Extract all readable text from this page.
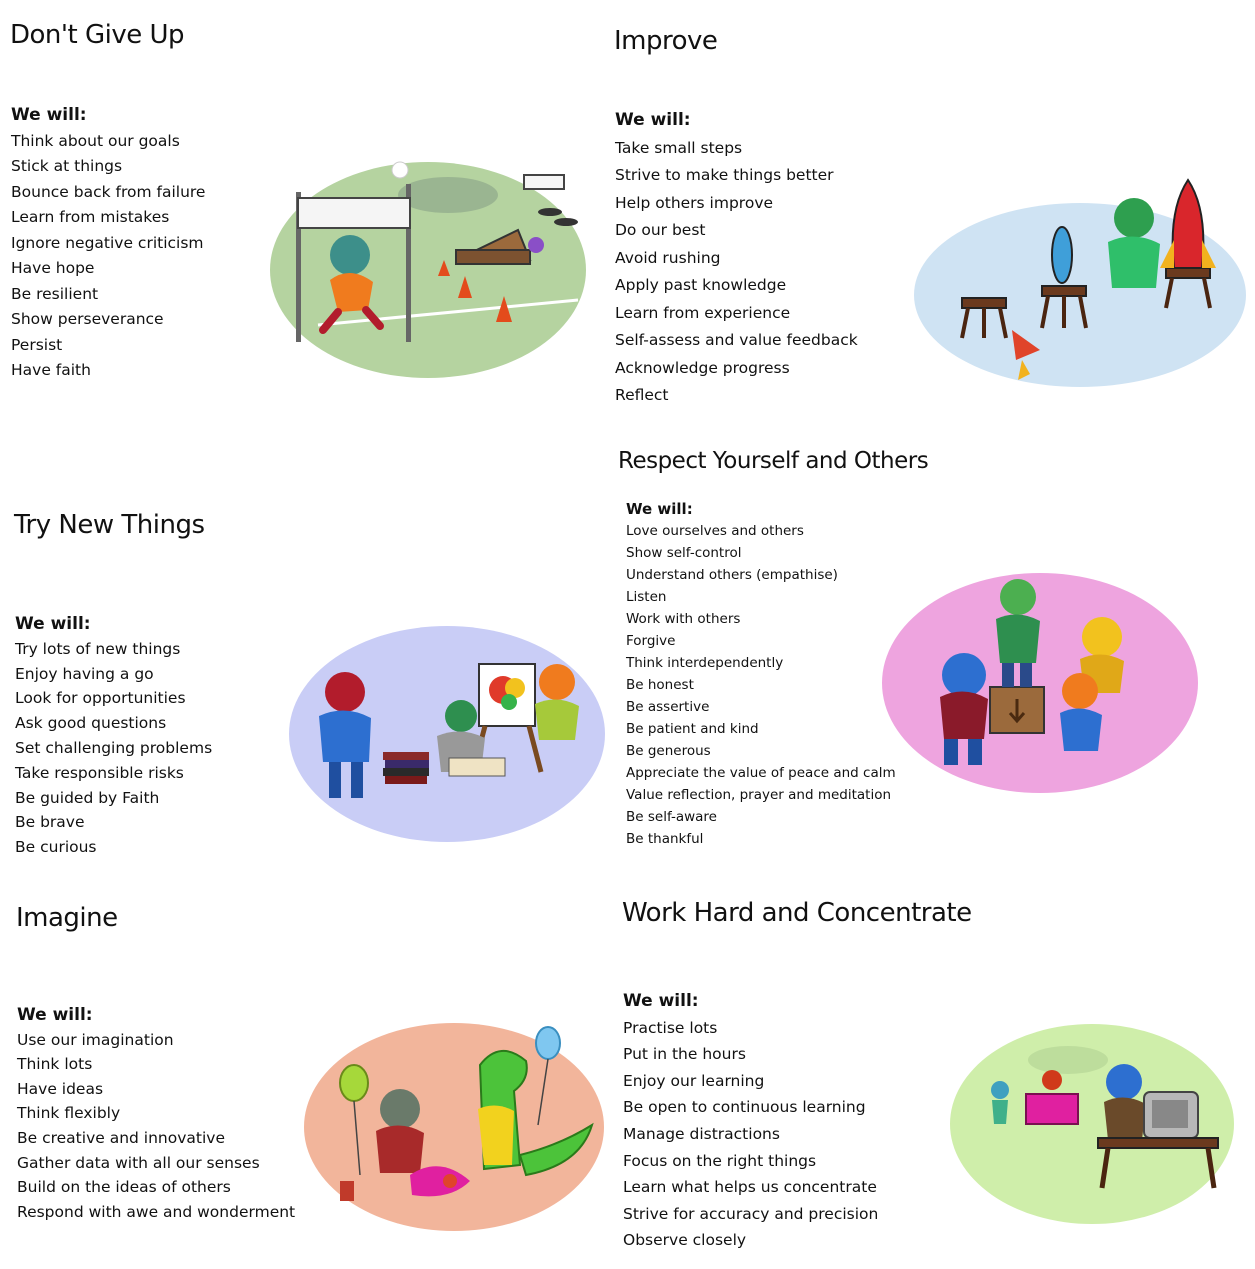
Don't Give Up
We will:
Think about our goals
Stick at things
Bounce back from failure
Learn from mistakes
Ignore negative criticism
Have hope
Be resilient
Show perseverance
Persist
Have faith
Improve
We will:
Take small steps
Strive to make things better
Help others improve
Do our best
Avoid rushing
Apply past knowledge
Learn from experience
Self-assess and value feedback
Acknowledge progress
Reflect
Try New Things
We will:
Try lots of new things
Enjoy having a go
Look for opportunities
Ask good questions
Set challenging problems
Take responsible risks
Be guided by Faith
Be brave
Be curious
Respect Yourself and Others
We will:
Love ourselves and others
Show self-control
Understand others (empathise)
Listen
Work with others
Forgive
Think interdependently
Be honest
Be assertive
Be patient and kind
Be generous
Appreciate the value of peace and calm
Value reflection, prayer and meditation
Be self-aware
Be thankful
Imagine
We will:
Use our imagination
Think lots
Have ideas
Think flexibly
Be creative and innovative
Gather data with all our senses
Build on the ideas of others
Respond with awe and wonderment
Work Hard and Concentrate
We will:
Practise lots
Put in the hours
Enjoy our learning
Be open to continuous learning
Manage distractions
Focus on the right things
Learn what helps us concentrate
Strive for accuracy and precision
Observe closely
